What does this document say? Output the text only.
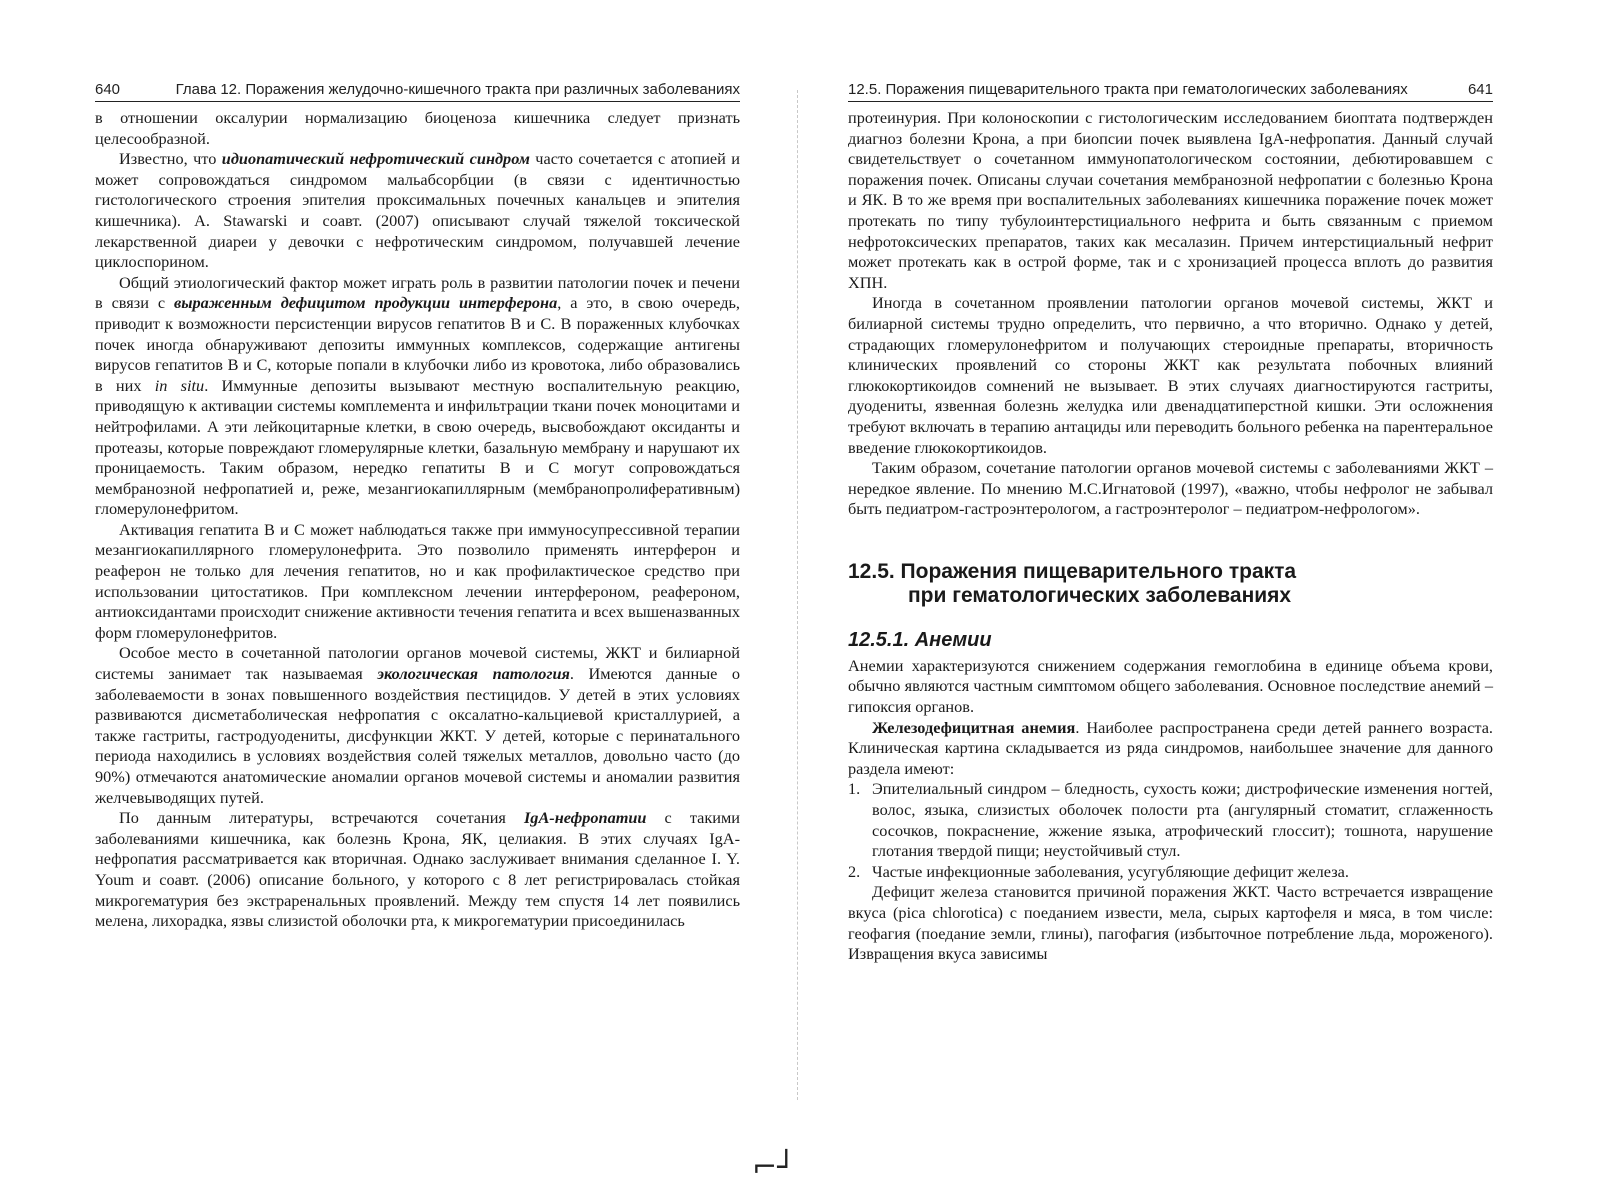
640	Глава 12. Поражения желудочно-кишечного тракта при различных заболеваниях

в отношении оксалурии нормализацию биоценоза кишечника следует признать целесообразной.

Известно, что идиопатический нефротический синдром часто сочетается с атопией и может сопровождаться синдромом мальабсорбции (в связи с идентичностью гистологического строения эпителия проксимальных почечных канальцев и эпителия кишечника). A. Stawarski и соавт. (2007) описывают случай тяжелой токсической лекарственной диареи у девочки с нефротическим синдромом, получавшей лечение циклоспорином.

Общий этиологический фактор может играть роль в развитии патологии почек и печени в связи с выраженным дефицитом продукции интерферона, а это, в свою очередь, приводит к возможности персистенции вирусов гепатитов В и С. В пораженных клубочках почек иногда обнаруживают депозиты иммунных комплексов, содержащие антигены вирусов гепатитов В и С, которые попали в клубочки либо из кровотока, либо образовались в них in situ. Иммунные депозиты вызывают местную воспалительную реакцию, приводящую к активации системы комплемента и инфильтрации ткани почек моноцитами и нейтрофилами. А эти лейкоцитарные клетки, в свою очередь, высвобождают оксиданты и протеазы, которые повреждают гломерулярные клетки, базальную мембрану и нарушают их проницаемость. Таким образом, нередко гепатиты В и С могут сопровождаться мембранозной нефропатией и, реже, мезангиокапиллярным (мембранопролиферативным) гломерулонефритом.

Активация гепатита В и С может наблюдаться также при иммуносупрессивной терапии мезангиокапиллярного гломерулонефрита. Это позволило применять интерферон и реаферон не только для лечения гепатитов, но и как профилактическое средство при использовании цитостатиков. При комплексном лечении интерфероном, реафероном, антиоксидантами происходит снижение активности течения гепатита и всех вышеназванных форм гломерулонефритов.

Особое место в сочетанной патологии органов мочевой системы, ЖКТ и билиарной системы занимает так называемая экологическая патология. Имеются данные о заболеваемости в зонах повышенного воздействия пестицидов. У детей в этих условиях развиваются дисметаболическая нефропатия с оксалатно-кальциевой кристаллурией, а также гастриты, гастродуодениты, дисфункции ЖКТ. У детей, которые с перинатального периода находились в условиях воздействия солей тяжелых металлов, довольно часто (до 90%) отмечаются анатомические аномалии органов мочевой системы и аномалии развития желчевыводящих путей.

По данным литературы, встречаются сочетания IgA-нефропатии с такими заболеваниями кишечника, как болезнь Крона, ЯК, целиакия. В этих случаях IgA-нефропатия рассматривается как вторичная. Однако заслуживает внимания сделанное I. Y. Youm и соавт. (2006) описание больного, у которого с 8 лет регистрировалась стойкая микрогематурия без экстраренальных проявлений. Между тем спустя 14 лет появились мелена, лихорадка, язвы слизистой оболочки рта, к микрогематурии присоединилась

12.5. Поражения пищеварительного тракта при гематологических заболеваниях	641

протеинурия. При колоноскопии с гистологическим исследованием биоптата подтвержден диагноз болезни Крона, а при биопсии почек выявлена IgA-нефропатия. Данный случай свидетельствует о сочетанном иммунопатологическом состоянии, дебютировавшем с поражения почек. Описаны случаи сочетания мембранозной нефропатии с болезнью Крона и ЯК. В то же время при воспалительных заболеваниях кишечника поражение почек может протекать по типу тубулоинтерстициального нефрита и быть связанным с приемом нефротоксических препаратов, таких как месалазин. Причем интерстициальный нефрит может протекать как в острой форме, так и с хронизацией процесса вплоть до развития ХПН.

Иногда в сочетанном проявлении патологии органов мочевой системы, ЖКТ и билиарной системы трудно определить, что первично, а что вторично. Однако у детей, страдающих гломерулонефритом и получающих стероидные препараты, вторичность клинических проявлений со стороны ЖКТ как результата побочных влияний глюкокортикоидов сомнений не вызывает. В этих случаях диагностируются гастриты, дуодениты, язвенная болезнь желудка или двенадцатиперстной кишки. Эти осложнения требуют включать в терапию антациды или переводить больного ребенка на парентеральное введение глюкокортикоидов.

Таким образом, сочетание патологии органов мочевой системы с заболеваниями ЖКТ – нередкое явление. По мнению М.С.Игнатовой (1997), «важно, чтобы нефролог не забывал быть педиатром-гастроэнтерологом, а гастроэнтеролог – педиатром-нефрологом».

12.5. Поражения пищеварительного тракта
при гематологических заболеваниях
12.5.1. Анемии

Анемии характеризуются снижением содержания гемоглобина в единице объема крови, обычно являются частным симптомом общего заболевания. Основное последствие анемий – гипоксия органов.

Железодефицитная анемия. Наиболее распространена среди детей раннего возраста. Клиническая картина складывается из ряда синдромов, наибольшее значение для данного раздела имеют:

1. Эпителиальный синдром – бледность, сухость кожи; дистрофические изменения ногтей, волос, языка, слизистых оболочек полости рта (ангулярный стоматит, сглаженность сосочков, покраснение, жжение языка, атрофический глоссит); тошнота, нарушение глотания твердой пищи; неустойчивый стул.
2. Частые инфекционные заболевания, усугубляющие дефицит железа.

Дефицит железа становится причиной поражения ЖКТ. Часто встречается извращение вкуса (pica chlorotica) с поеданием извести, мела, сырых картофеля и мяса, в том числе: геофагия (поедание земли, глины), пагофагия (избыточное потребление льда, мороженого). Извращения вкуса зависимы

⌐┘
